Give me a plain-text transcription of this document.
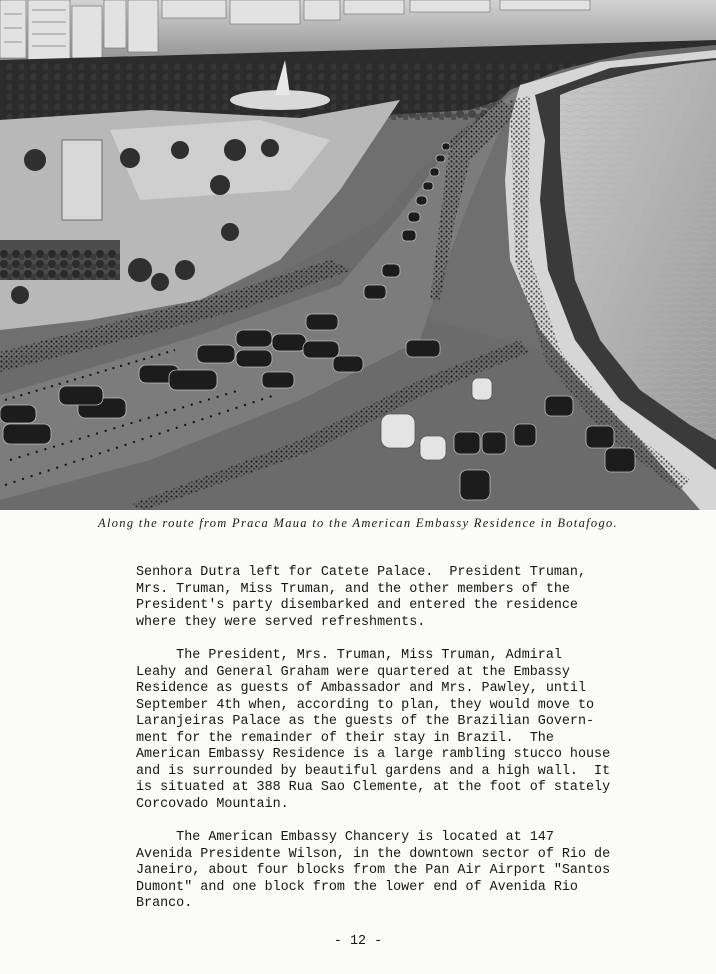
Along the route from Praca Maua to the American Embassy Residence in Botafogo.

Senhora Dutra left for Catete Palace.  President Truman,
Mrs. Truman, Miss Truman, and the other members of the
President's party disembarked and entered the residence
where they were served refreshments.

The President, Mrs. Truman, Miss Truman, Admiral
Leahy and General Graham were quartered at the Embassy
Residence as guests of Ambassador and Mrs. Pawley, until
September 4th when, according to plan, they would move to
Laranjeiras Palace as the guests of the Brazilian Govern-
ment for the remainder of their stay in Brazil.  The
American Embassy Residence is a large rambling stucco house
and is surrounded by beautiful gardens and a high wall.  It
is situated at 388 Rua Sao Clemente, at the foot of stately
Corcovado Mountain.

The American Embassy Chancery is located at 147
Avenida Presidente Wilson, in the downtown sector of Rio de
Janeiro, about four blocks from the Pan Air Airport "Santos
Dumont" and one block from the lower end of Avenida Rio
Branco.

- 12 -
